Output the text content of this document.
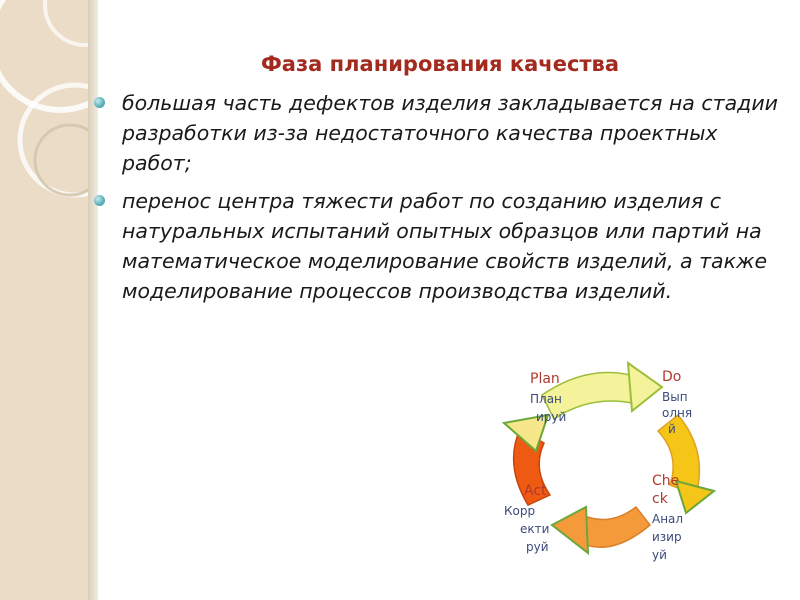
Фаза планирования качества
большая часть дефектов изделия закладывается на стадии разработки из-за недостаточного качества проектных работ;
перенос центра тяжести работ по созданию изделия с натуральных испытаний опытных образцов или партий на математическое моделирование свойств изделий, а также моделирование процессов производства изделий.
Plan
План
ируй
Do
Вып
олня
й
Che
ck
Анал
изир
уй
Act
Корр
екти
руй
